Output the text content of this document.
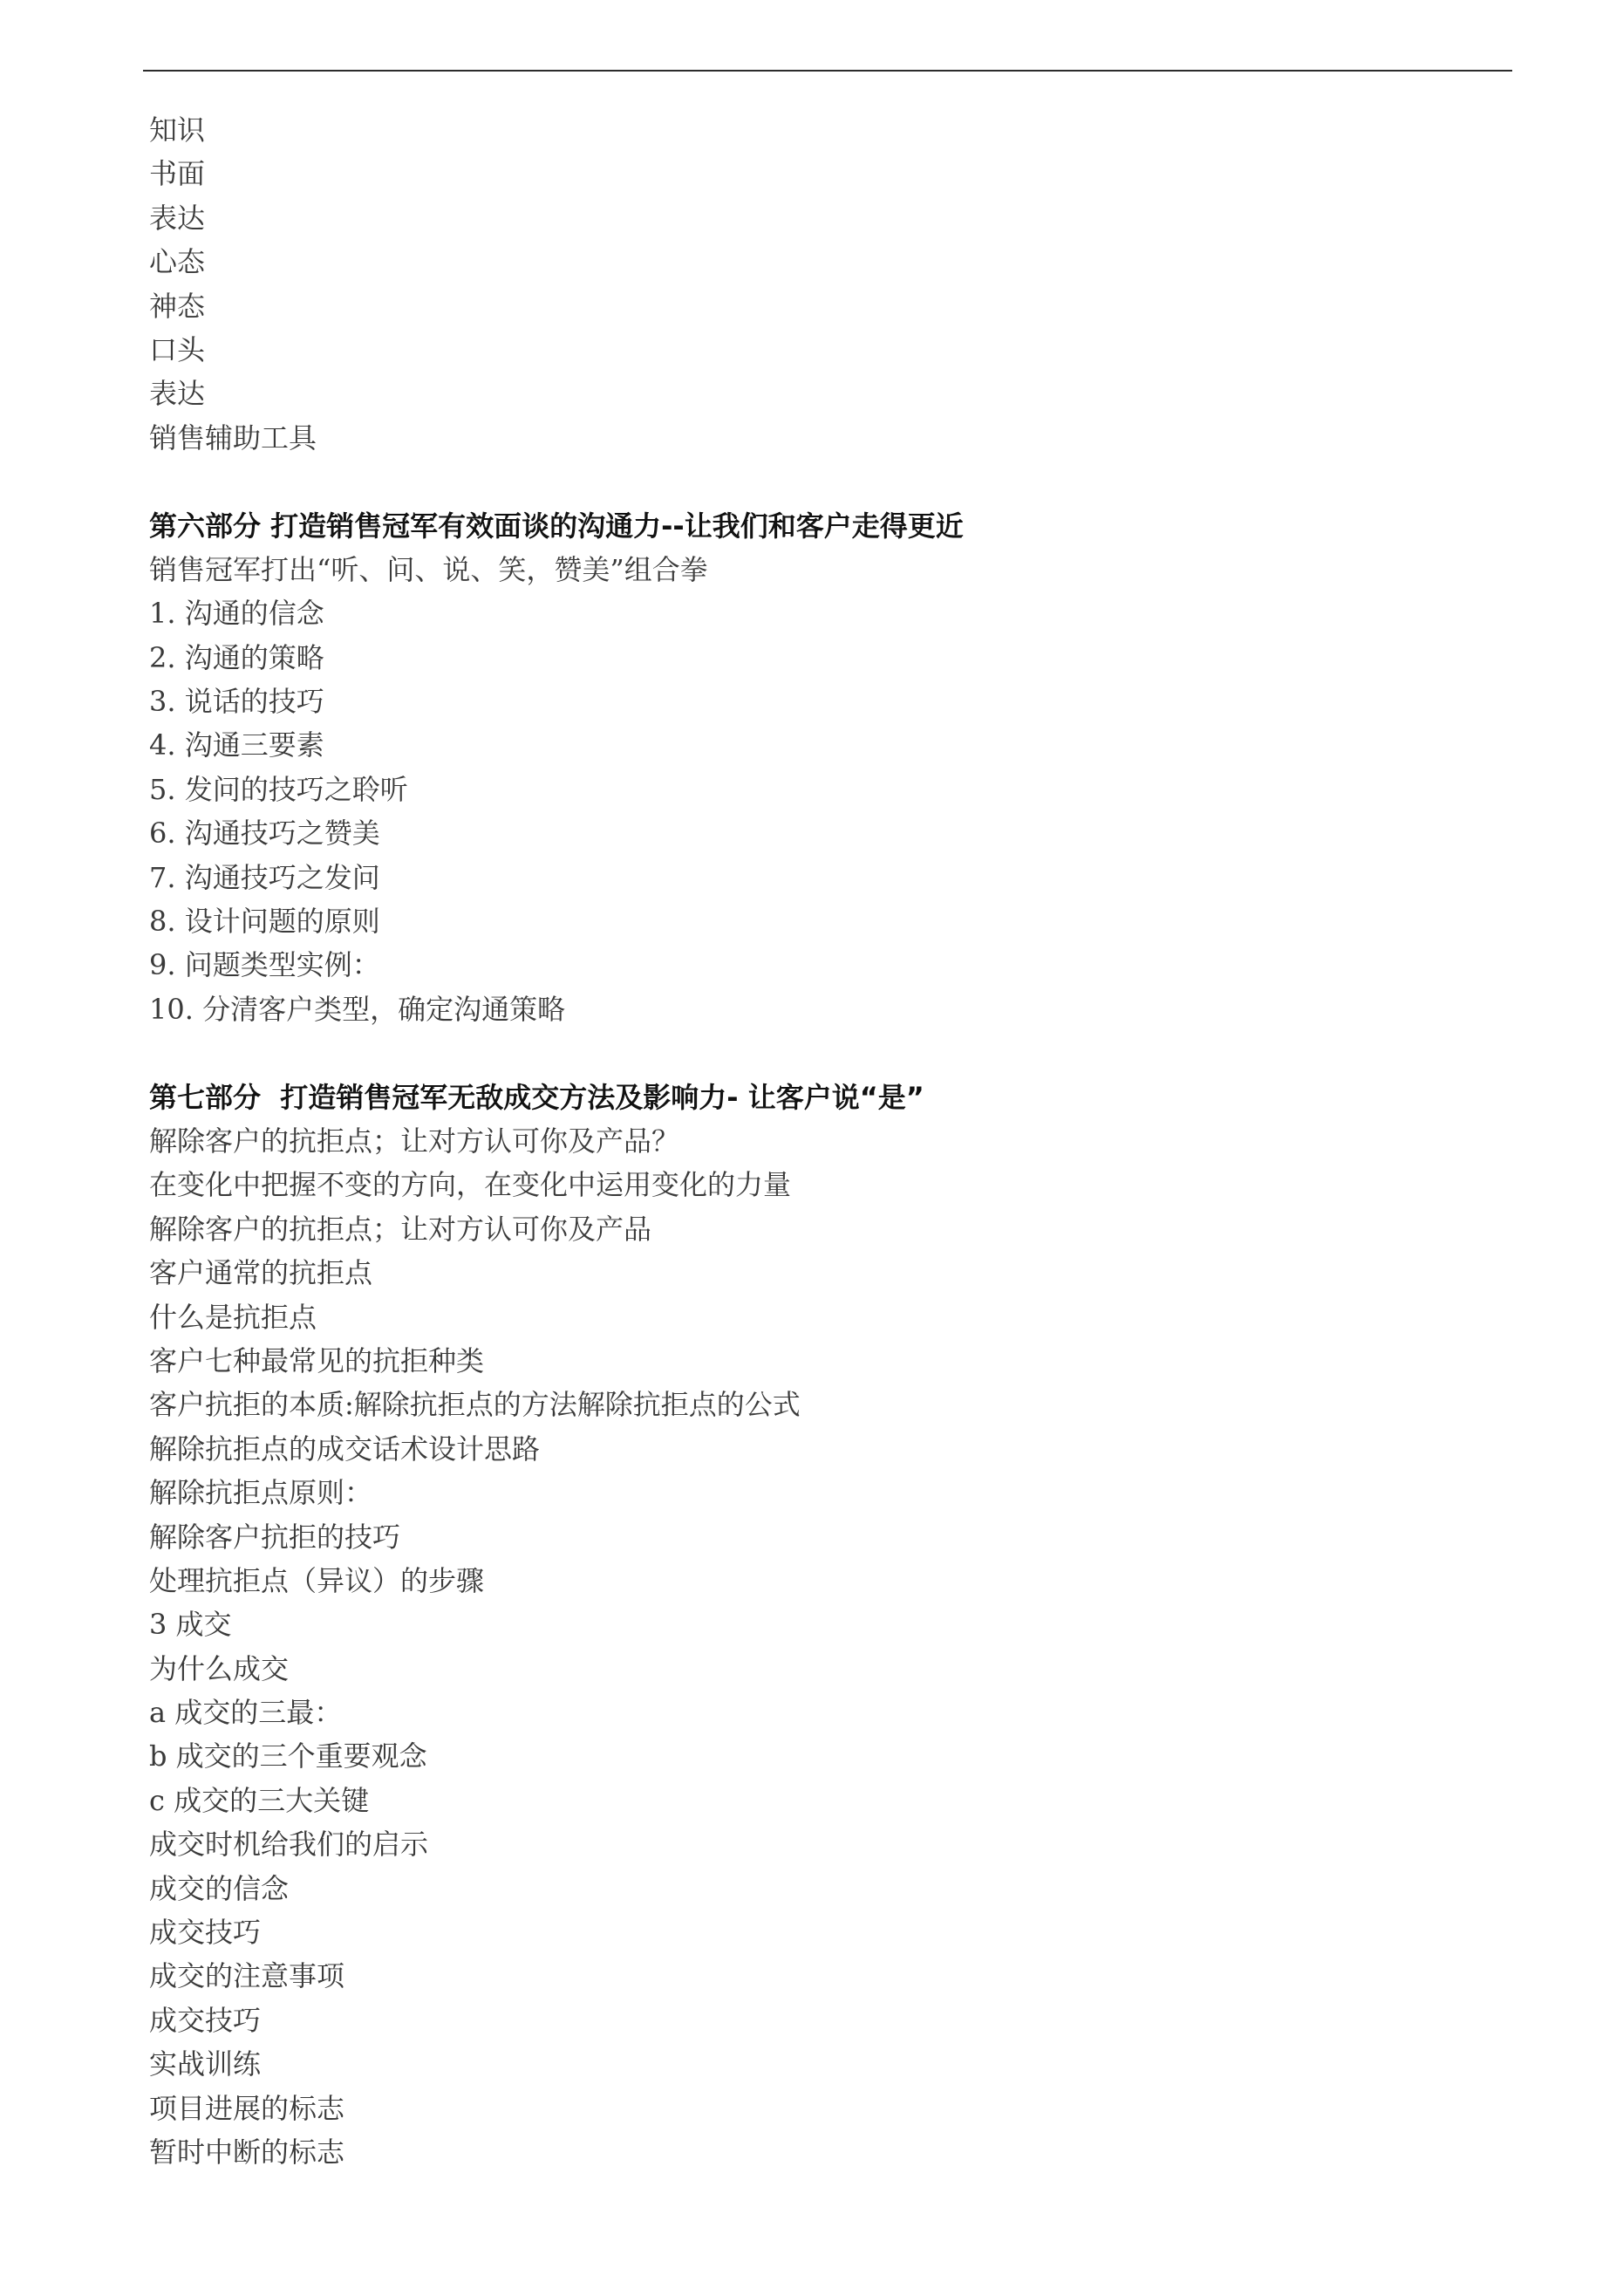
知识
书面
表达
心态
神态
口头
表达
销售辅助工具
第六部分 打造销售冠军有效面谈的沟通力--让我们和客户走得更近
销售冠军打出“听、问、说、笑，赞美”组合拳
1. 沟通的信念
2. 沟通的策略
3. 说话的技巧
4. 沟通三要素
5. 发问的技巧之聆听
6. 沟通技巧之赞美
7. 沟通技巧之发问
8. 设计问题的原则
9. 问题类型实例：
10. 分清客户类型，确定沟通策略
第七部分  打造销售冠军无敌成交方法及影响力- 让客户说“是”
解除客户的抗拒点；让对方认可你及产品？
在变化中把握不变的方向，在变化中运用变化的力量
解除客户的抗拒点；让对方认可你及产品
客户通常的抗拒点
什么是抗拒点
客户七种最常见的抗拒种类
客户抗拒的本质:解除抗拒点的方法解除抗拒点的公式
解除抗拒点的成交话术设计思路
解除抗拒点原则：
解除客户抗拒的技巧
处理抗拒点（异议）的步骤
3 成交
为什么成交
a 成交的三最：
b 成交的三个重要观念
c 成交的三大关键
成交时机给我们的启示
成交的信念
成交技巧
成交的注意事项
成交技巧
实战训练
项目进展的标志
暂时中断的标志
